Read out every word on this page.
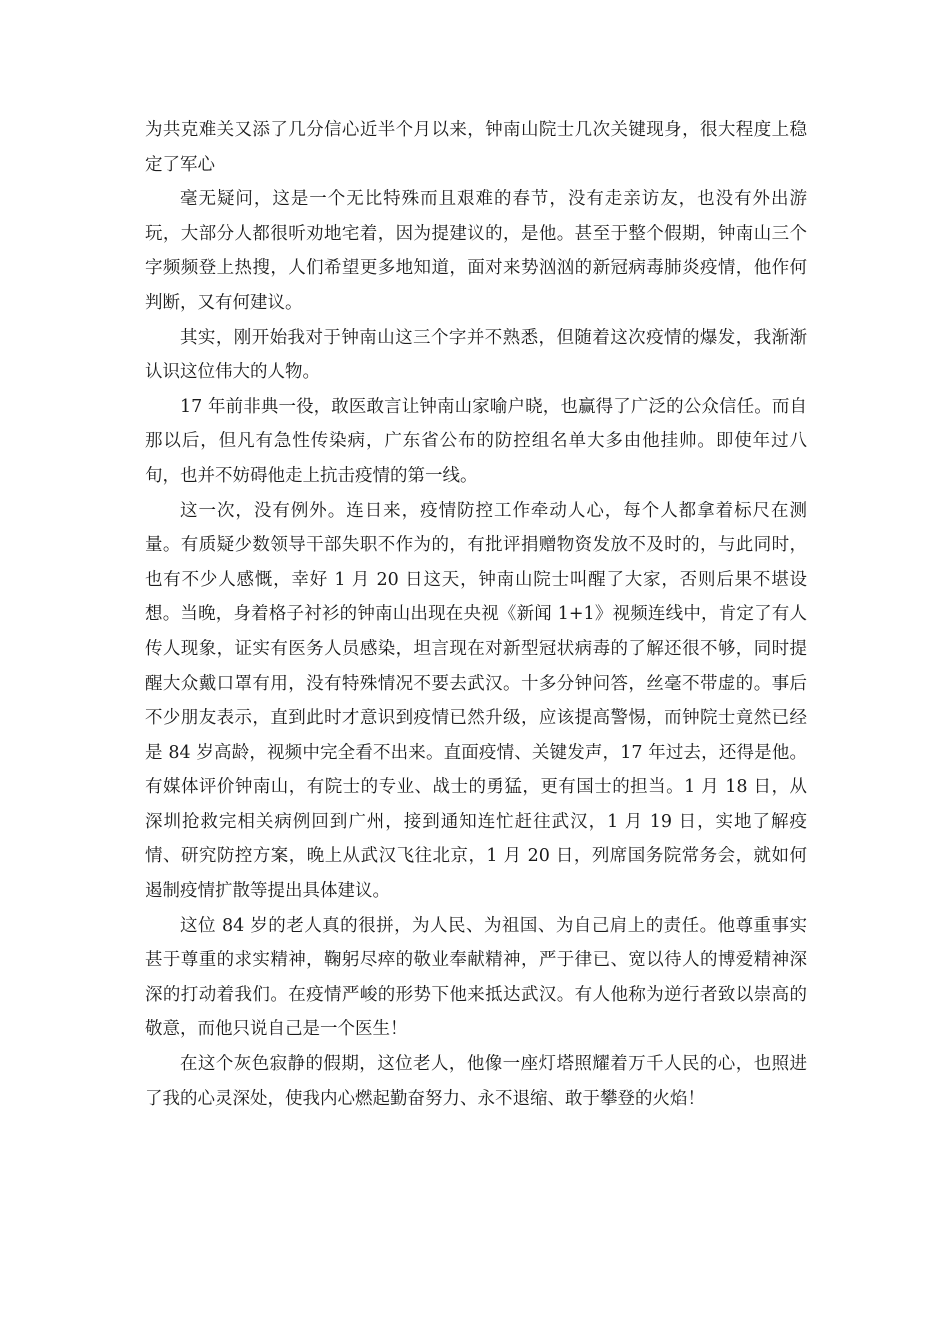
为共克难关又添了几分信心近半个月以来，钟南山院士几次关键现身，很大程度上稳定了军心

毫无疑问，这是一个无比特殊而且艰难的春节，没有走亲访友，也没有外出游玩，大部分人都很听劝地宅着，因为提建议的，是他。甚至于整个假期，钟南山三个字频频登上热搜，人们希望更多地知道，面对来势汹汹的新冠病毒肺炎疫情，他作何判断，又有何建议。

其实，刚开始我对于钟南山这三个字并不熟悉，但随着这次疫情的爆发，我渐渐认识这位伟大的人物。

17 年前非典一役，敢医敢言让钟南山家喻户晓，也赢得了广泛的公众信任。而自那以后，但凡有急性传染病，广东省公布的防控组名单大多由他挂帅。即使年过八旬，也并不妨碍他走上抗击疫情的第一线。

这一次，没有例外。连日来，疫情防控工作牵动人心，每个人都拿着标尺在测量。有质疑少数领导干部失职不作为的，有批评捐赠物资发放不及时的，与此同时，也有不少人感慨，幸好 1 月 20 日这天，钟南山院士叫醒了大家，否则后果不堪设想。当晚，身着格子衬衫的钟南山出现在央视《新闻 1+1》视频连线中，肯定了有人传人现象，证实有医务人员感染，坦言现在对新型冠状病毒的了解还很不够，同时提醒大众戴口罩有用，没有特殊情况不要去武汉。十多分钟问答，丝毫不带虚的。事后不少朋友表示，直到此时才意识到疫情已然升级，应该提高警惕，而钟院士竟然已经是 84 岁高龄，视频中完全看不出来。直面疫情、关键发声，17 年过去，还得是他。有媒体评价钟南山，有院士的专业、战士的勇猛，更有国士的担当。1 月 18 日，从深圳抢救完相关病例回到广州，接到通知连忙赶往武汉，1 月 19 日，实地了解疫情、研究防控方案，晚上从武汉飞往北京，1 月 20 日，列席国务院常务会，就如何遏制疫情扩散等提出具体建议。

这位 84 岁的老人真的很拼，为人民、为祖国、为自己肩上的责任。他尊重事实甚于尊重的求实精神，鞠躬尽瘁的敬业奉献精神，严于律已、宽以待人的博爱精神深深的打动着我们。在疫情严峻的形势下他来抵达武汉。有人他称为逆行者致以崇高的敬意，而他只说自己是一个医生！

在这个灰色寂静的假期，这位老人，他像一座灯塔照耀着万千人民的心，也照进了我的心灵深处，使我内心燃起勤奋努力、永不退缩、敢于攀登的火焰！
